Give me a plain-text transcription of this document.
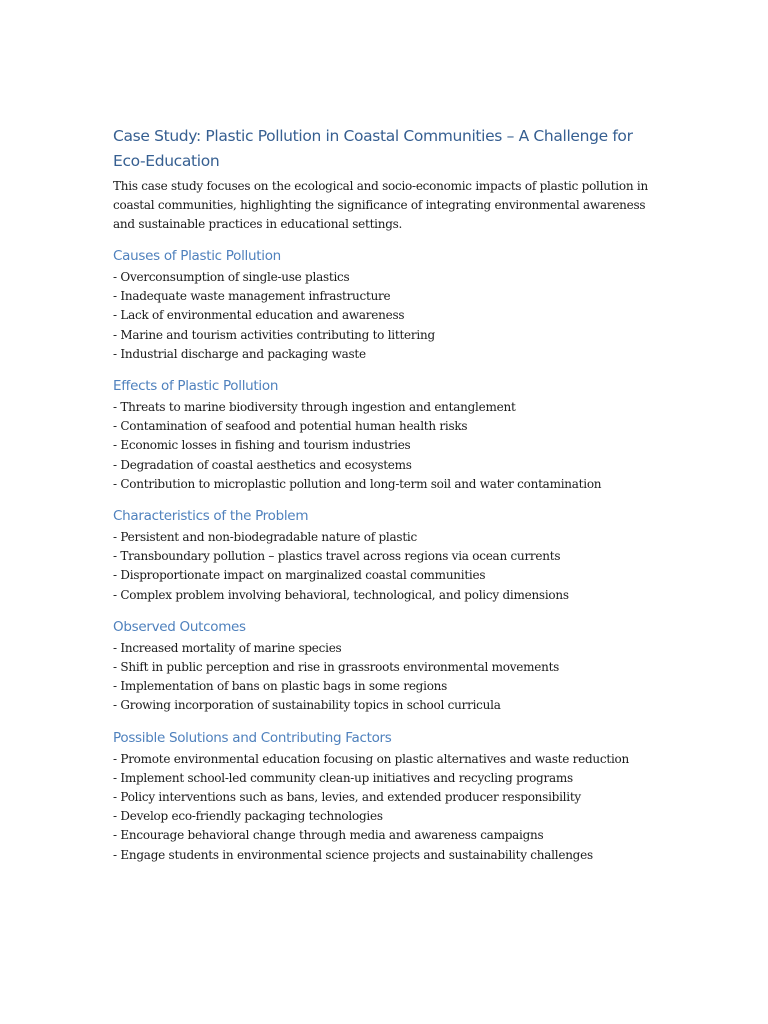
Case Study: Plastic Pollution in Coastal Communities – A Challenge for Eco-Education

This case study focuses on the ecological and socio-economic impacts of plastic pollution in coastal communities, highlighting the significance of integrating environmental awareness and sustainable practices in educational settings.

Causes of Plastic Pollution
- Overconsumption of single-use plastics
- Inadequate waste management infrastructure
- Lack of environmental education and awareness
- Marine and tourism activities contributing to littering
- Industrial discharge and packaging waste
Effects of Plastic Pollution
- Threats to marine biodiversity through ingestion and entanglement
- Contamination of seafood and potential human health risks
- Economic losses in fishing and tourism industries
- Degradation of coastal aesthetics and ecosystems
- Contribution to microplastic pollution and long-term soil and water contamination
Characteristics of the Problem
- Persistent and non-biodegradable nature of plastic
- Transboundary pollution – plastics travel across regions via ocean currents
- Disproportionate impact on marginalized coastal communities
- Complex problem involving behavioral, technological, and policy dimensions
Observed Outcomes
- Increased mortality of marine species
- Shift in public perception and rise in grassroots environmental movements
- Implementation of bans on plastic bags in some regions
- Growing incorporation of sustainability topics in school curricula
Possible Solutions and Contributing Factors
- Promote environmental education focusing on plastic alternatives and waste reduction
- Implement school-led community clean-up initiatives and recycling programs
- Policy interventions such as bans, levies, and extended producer responsibility
- Develop eco-friendly packaging technologies
- Encourage behavioral change through media and awareness campaigns
- Engage students in environmental science projects and sustainability challenges
